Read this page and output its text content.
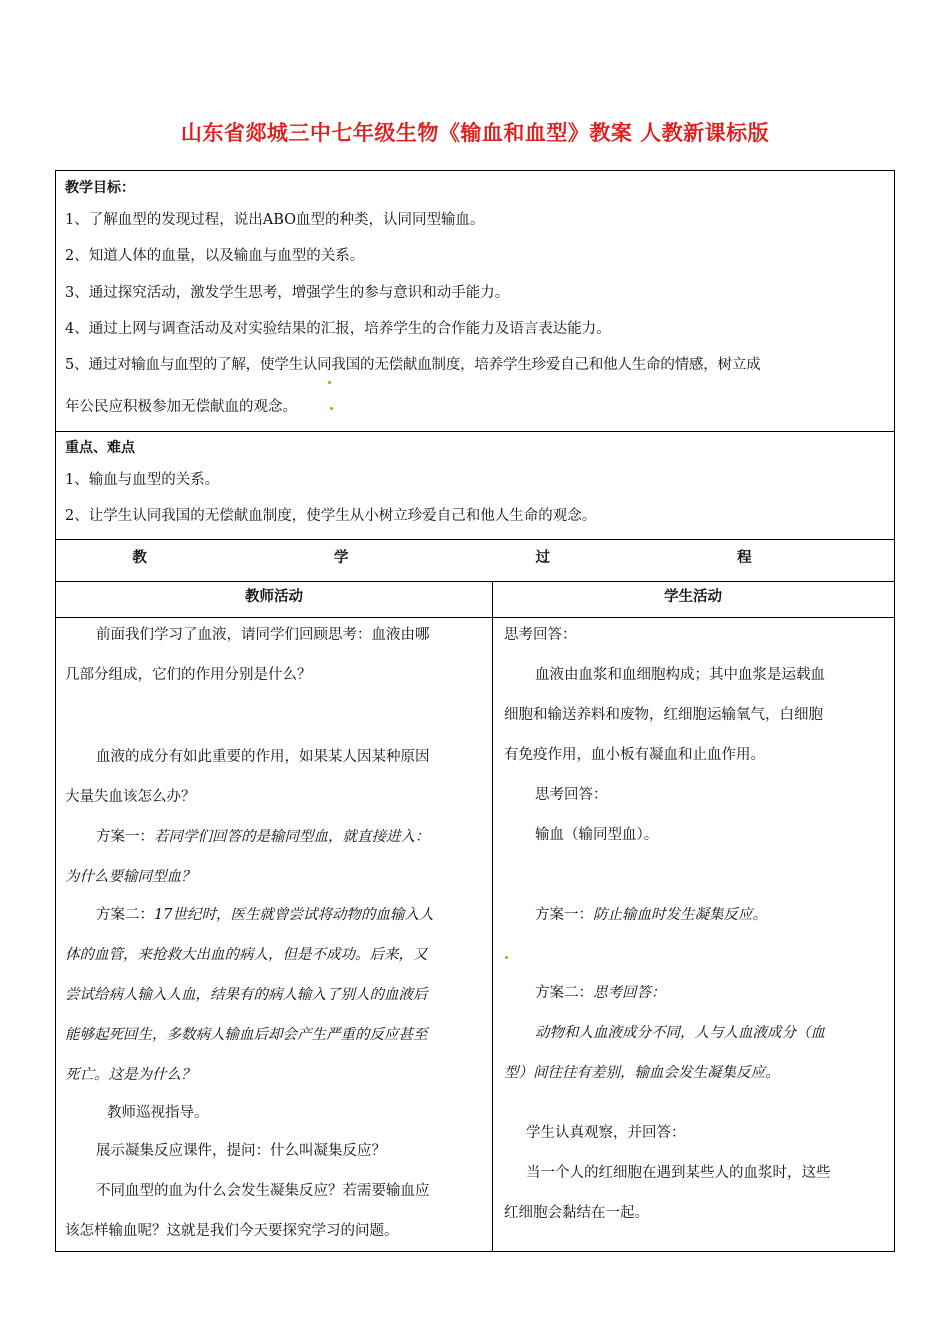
山东省郯城三中七年级生物《输血和血型》教案 人教新课标版
教学目标：
1、了解血型的发现过程，说出ABO血型的种类，认同同型输血。
2、知道人体的血量，以及输血与血型的关系。
3、通过探究活动，激发学生思考，增强学生的参与意识和动手能力。
4、通过上网与调查活动及对实验结果的汇报，培养学生的合作能力及语言表达能力。
5、通过对输血与血型的了解，使学生认同我国的无偿献血制度，培养学生珍爱自己和他人生命的情感，树立成
年公民应积极参加无偿献血的观念。
重点、难点
1、输血与血型的关系。
2、让学生认同我国的无偿献血制度，使学生从小树立珍爱自己和他人生命的观念。
教 学 过 程
教师活动	学生活动
前面我们学习了血液，请同学们回顾思考：血液由哪
几部分组成，它们的作用分别是什么？
血液的成分有如此重要的作用，如果某人因某种原因
大量失血该怎么办？
方案一：若同学们回答的是输同型血，就直接进入：
为什么要输同型血？
方案二：17世纪时，医生就曾尝试将动物的血输入人
体的血管，来抢救大出血的病人，但是不成功。后来，又
尝试给病人输入人血，结果有的病人输入了别人的血液后
能够起死回生，多数病人输血后却会产生严重的反应甚至
死亡。这是为什么？
教师巡视指导。
展示凝集反应课件，提问：什么叫凝集反应？
不同血型的血为什么会发生凝集反应？若需要输血应
该怎样输血呢？这就是我们今天要探究学习的问题。
思考回答：
血液由血浆和血细胞构成；其中血浆是运载血
细胞和输送养料和废物，红细胞运输氧气，白细胞
有免疫作用，血小板有凝血和止血作用。
思考回答：
输血（输同型血）。
方案一：防止输血时发生凝集反应。
方案二：思考回答：
动物和人血液成分不同，人与人血液成分（血
型）间往往有差别，输血会发生凝集反应。
学生认真观察，并回答：
当一个人的红细胞在遇到某些人的血浆时，这些
红细胞会黏结在一起。
